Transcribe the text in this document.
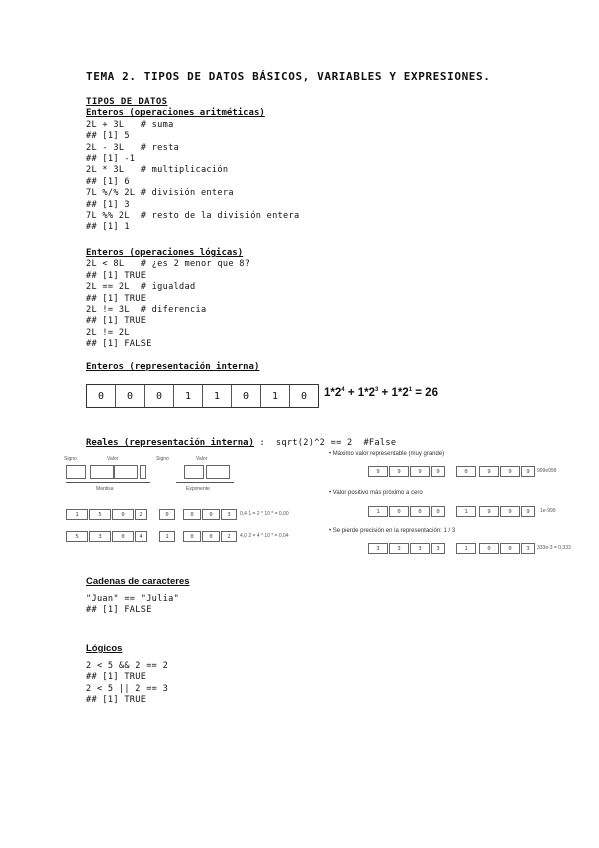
TEMA 2. TIPOS DE DATOS BÁSICOS, VARIABLES Y EXPRESIONES.
TIPOS DE DATOS
Enteros (operaciones aritméticas)
2L + 3L   # suma
## [1] 5
2L - 3L   # resta
## [1] -1
2L * 3L   # multiplicación
## [1] 6
7L %/% 2L # división entera
## [1] 3
7L %% 2L  # resto de la división entera
## [1] 1
Enteros (operaciones lógicas)
2L < 8L   # ¿es 2 menor que 8?
## [1] TRUE
2L == 2L  # igualdad
## [1] TRUE
2L != 3L  # diferencia
## [1] TRUE
2L != 2L
## [1] FALSE
Enteros (representación interna)
0	0	0	1	1	0	1	0	$1*2^4 + 1*2^3 + 1*2^1 = 26$
Reales (representación interna) :  sqrt(2)^2 == 2  #False
Signo	Valor	Signo	Valor
Mantisa	Exponente
1	5	0	2	0	0	0	3	0,4 1 = 2 * 10 * = 0,00
5	3	0	4	1	0	0	2	4,0 2 = 4 * 10 * = 0,04
• Máximo valor representable (muy grande)
9	9	9	9	0	9	9	9	999e999
• Valor positivo más próximo a cero
1	0	0	0	1	9	9	9	1e-999
• Se pierde precisión en la representación: 1 / 3
3	3	3	3	1	0	0	3	333e-3 = 0,333
Cadenas de caracteres
"Juan" == "Julia"
## [1] FALSE
Lógicos
2 < 5 && 2 == 2
## [1] TRUE
2 < 5 || 2 == 3
## [1] TRUE
